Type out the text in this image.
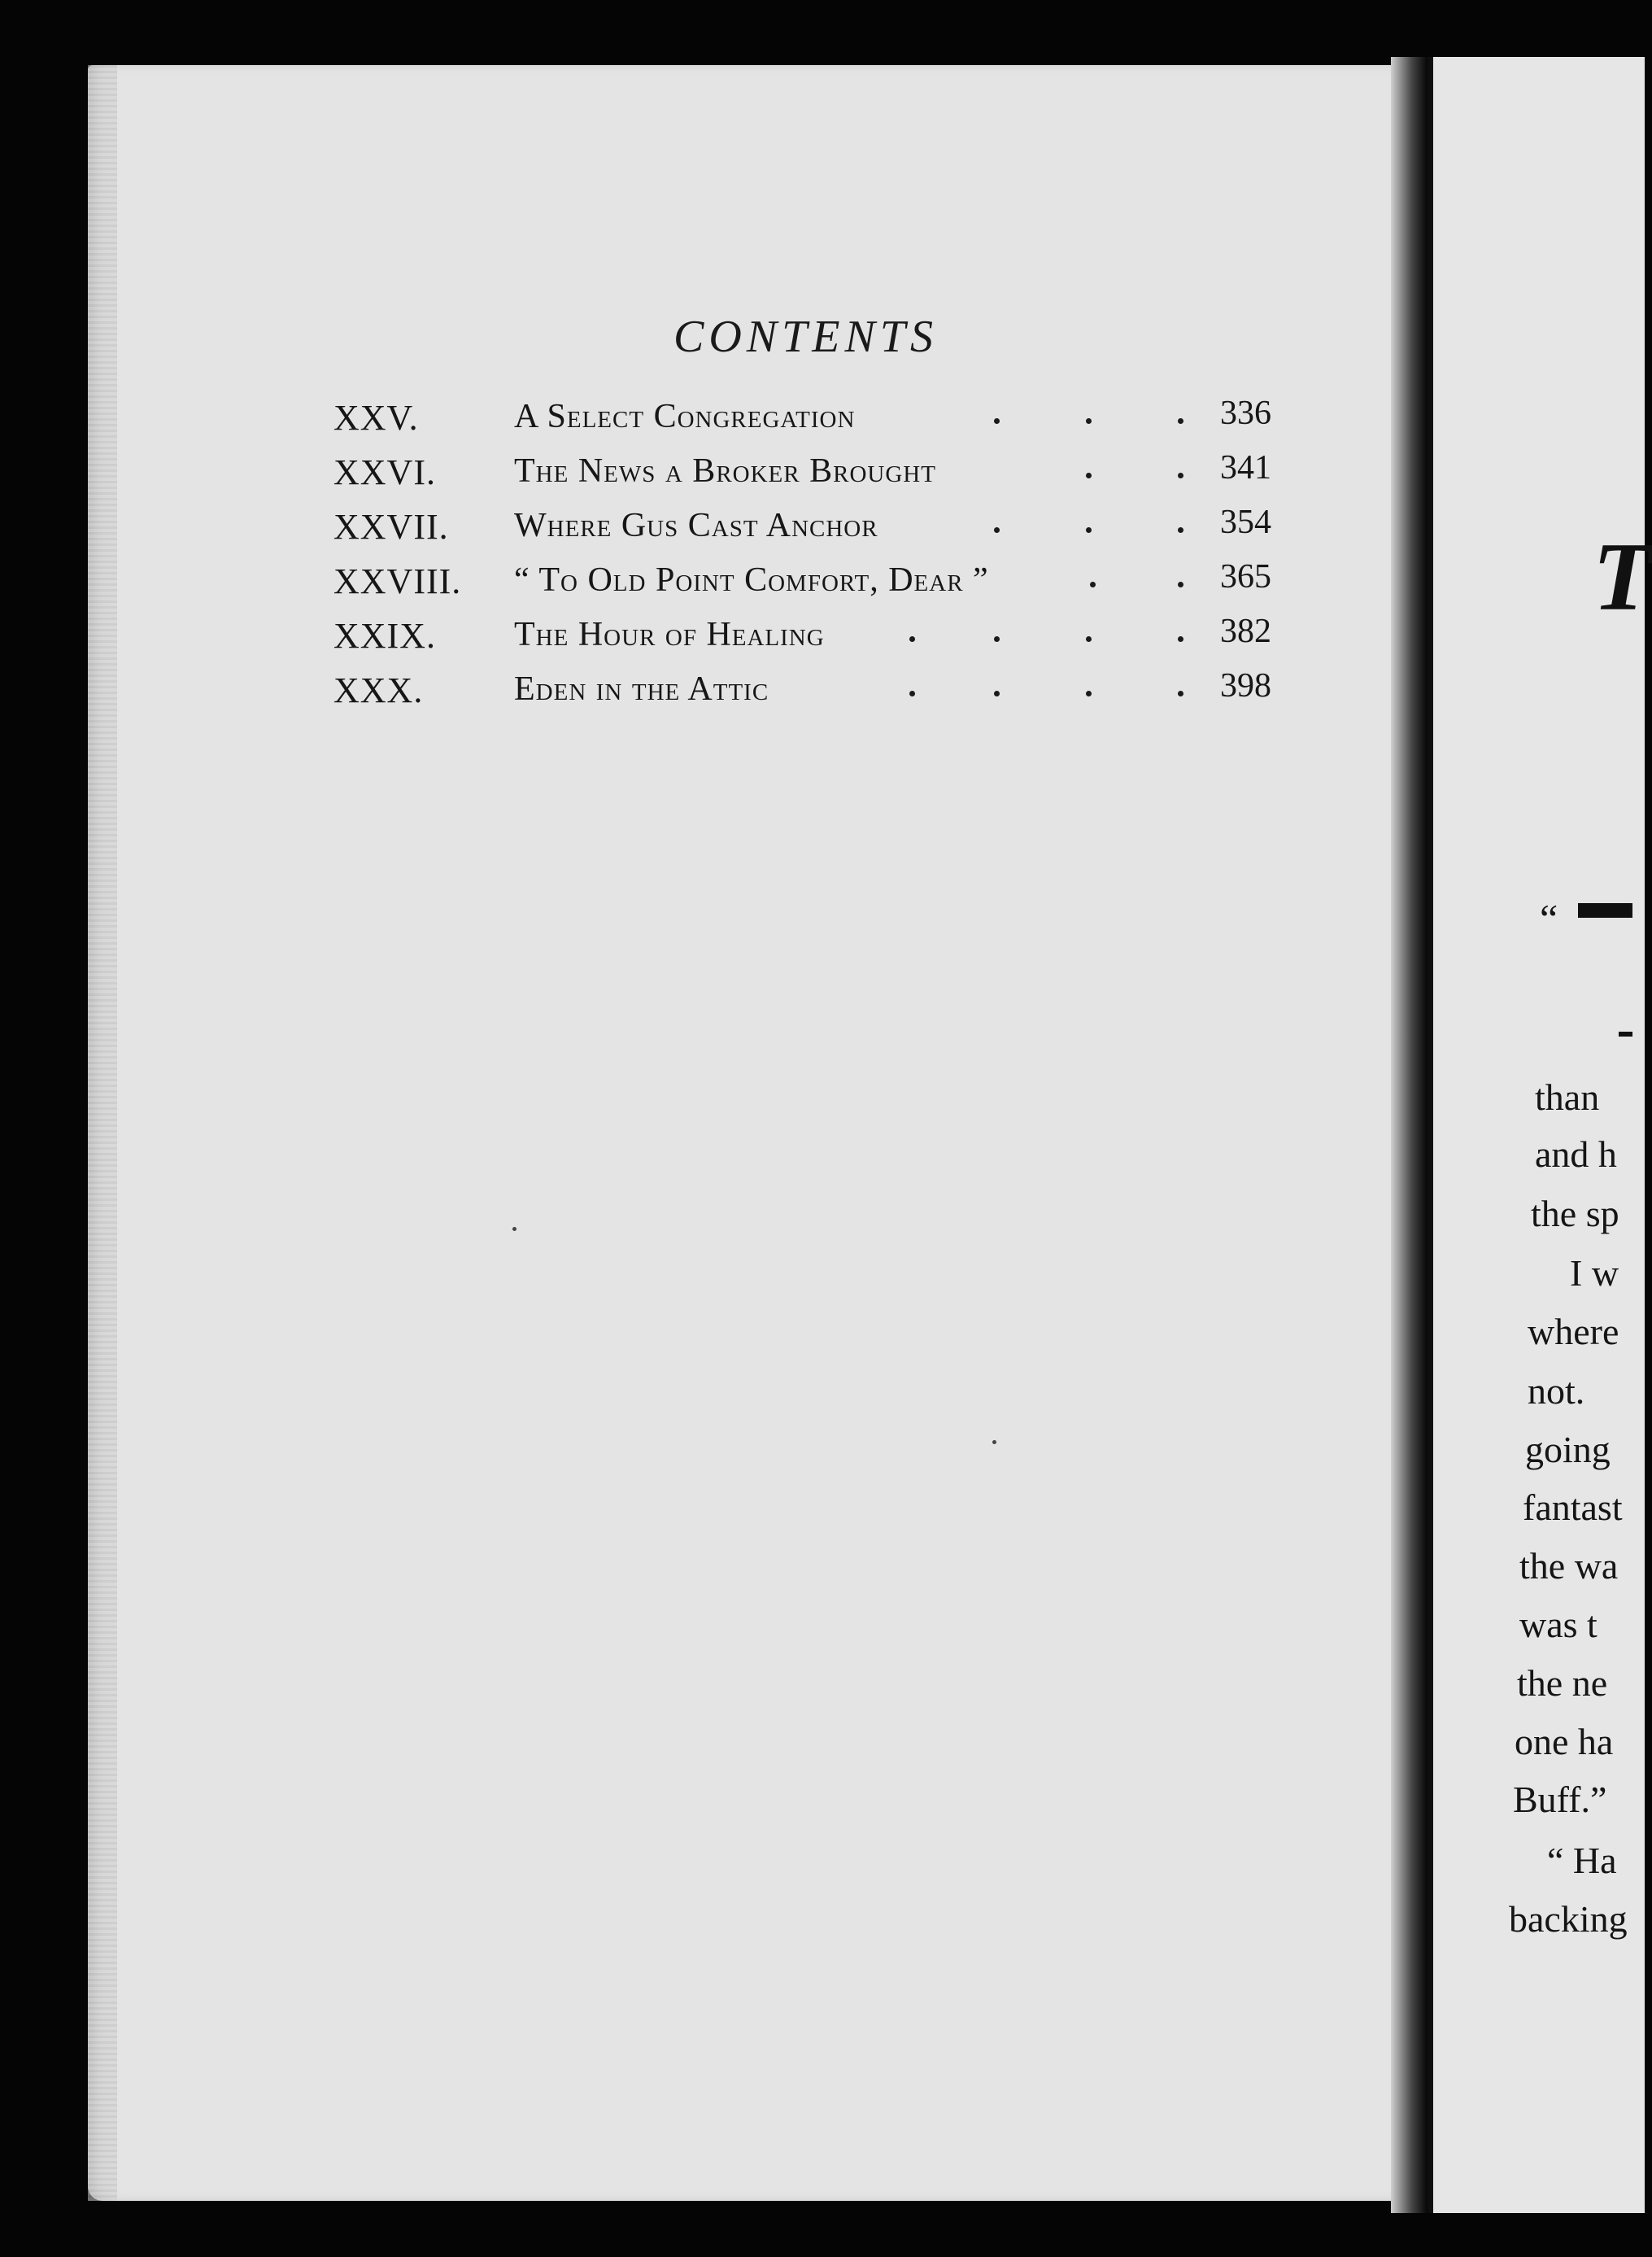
CONTENTS
XXV.	A Select Congregation	336
XXVI. The News a Broker Brought	341
XXVII. Where Gus Cast Anchor	354
XXVIII. “ To Old Point Comfort, Dear ”	365
XXIX. The Hour of Healing	382
XXX.	Eden in the Attic	398
T
“
than
and h
the sp
I w
where
not.
going
fantast
the wa
was t
the ne
one ha
Buff.”
“ Ha
backing
